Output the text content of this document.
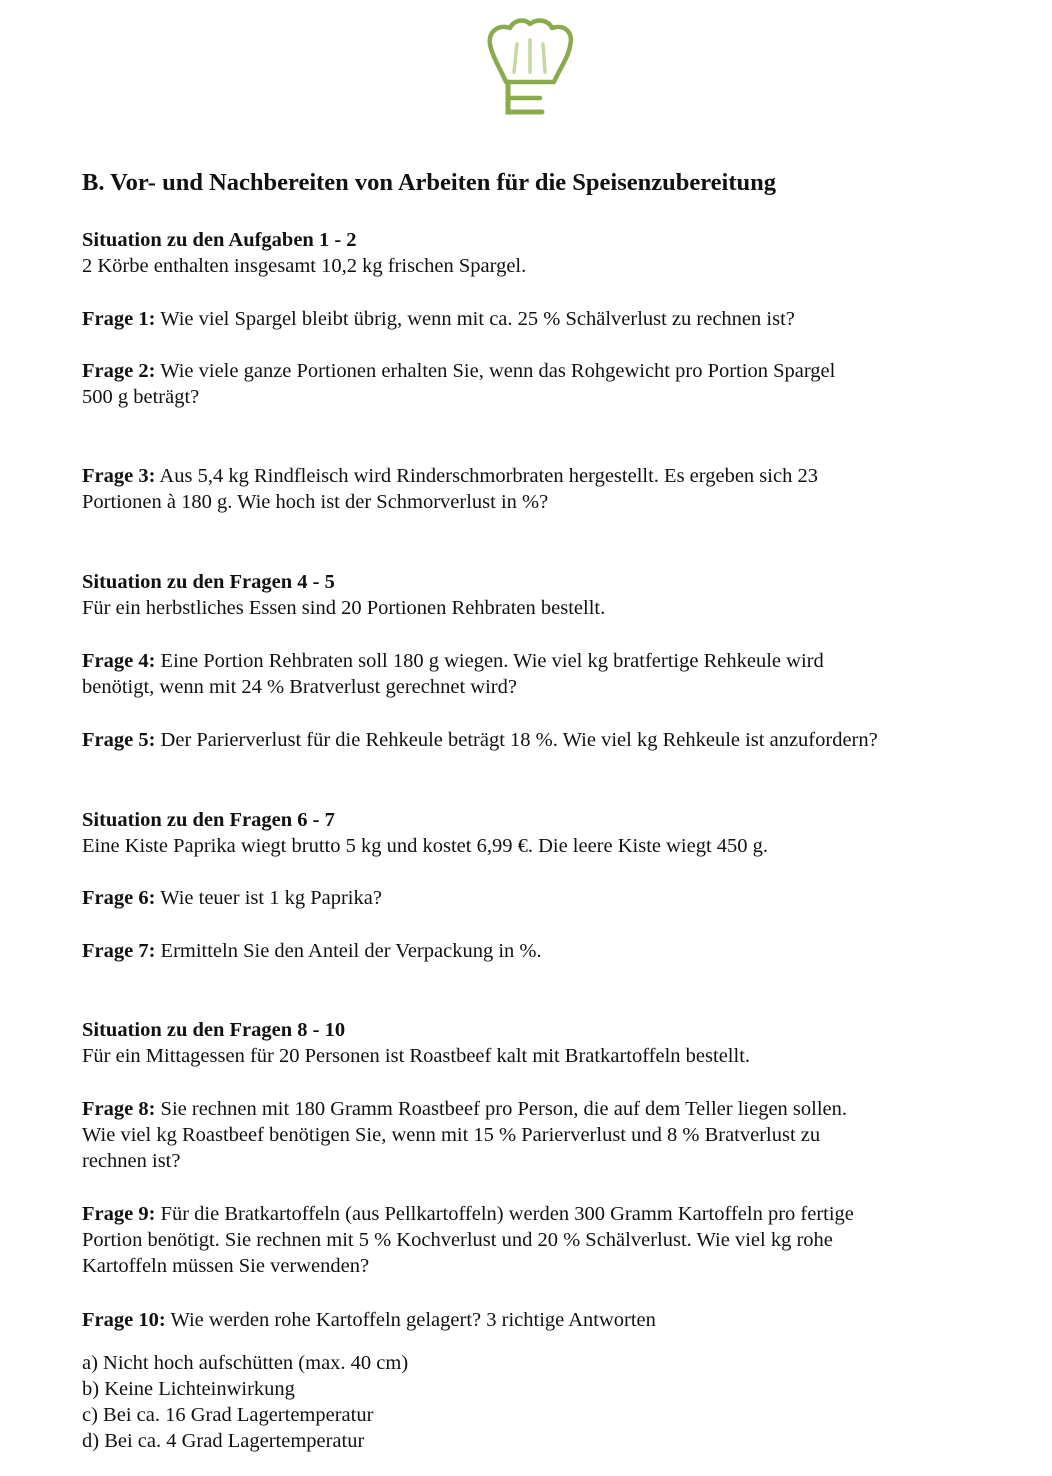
B. Vor- und Nachbereiten von Arbeiten für die Speisenzubereitung
Situation zu den Aufgaben 1 - 2
2 Körbe enthalten insgesamt 10,2 kg frischen Spargel.
Frage 1: Wie viel Spargel bleibt übrig, wenn mit ca. 25 % Schälverlust zu rechnen ist?
Frage 2: Wie viele ganze Portionen erhalten Sie, wenn das Rohgewicht pro Portion Spargel
500 g beträgt?
Frage 3: Aus 5,4 kg Rindfleisch wird Rinderschmorbraten hergestellt. Es ergeben sich 23
Portionen à 180 g. Wie hoch ist der Schmorverlust in %?
Situation zu den Fragen 4 - 5
Für ein herbstliches Essen sind 20 Portionen Rehbraten bestellt.
Frage 4: Eine Portion Rehbraten soll 180 g wiegen. Wie viel kg bratfertige Rehkeule wird
benötigt, wenn mit 24 % Bratverlust gerechnet wird?
Frage 5: Der Parierverlust für die Rehkeule beträgt 18 %. Wie viel kg Rehkeule ist anzufordern?
Situation zu den Fragen 6 - 7
Eine Kiste Paprika wiegt brutto 5 kg und kostet 6,99 €. Die leere Kiste wiegt 450 g.
Frage 6: Wie teuer ist 1 kg Paprika?
Frage 7: Ermitteln Sie den Anteil der Verpackung in %.
Situation zu den Fragen 8 - 10
Für ein Mittagessen für 20 Personen ist Roastbeef kalt mit Bratkartoffeln bestellt.
Frage 8: Sie rechnen mit 180 Gramm Roastbeef pro Person, die auf dem Teller liegen sollen.
Wie viel kg Roastbeef benötigen Sie, wenn mit 15 % Parierverlust und 8 % Bratverlust zu
rechnen ist?
Frage 9: Für die Bratkartoffeln (aus Pellkartoffeln) werden 300 Gramm Kartoffeln pro fertige
Portion benötigt. Sie rechnen mit 5 % Kochverlust und 20 % Schälverlust. Wie viel kg rohe
Kartoffeln müssen Sie verwenden?
Frage 10: Wie werden rohe Kartoffeln gelagert? 3 richtige Antworten
a) Nicht hoch aufschütten (max. 40 cm)
b) Keine Lichteinwirkung
c) Bei ca. 16 Grad Lagertemperatur
d) Bei ca. 4 Grad Lagertemperatur
